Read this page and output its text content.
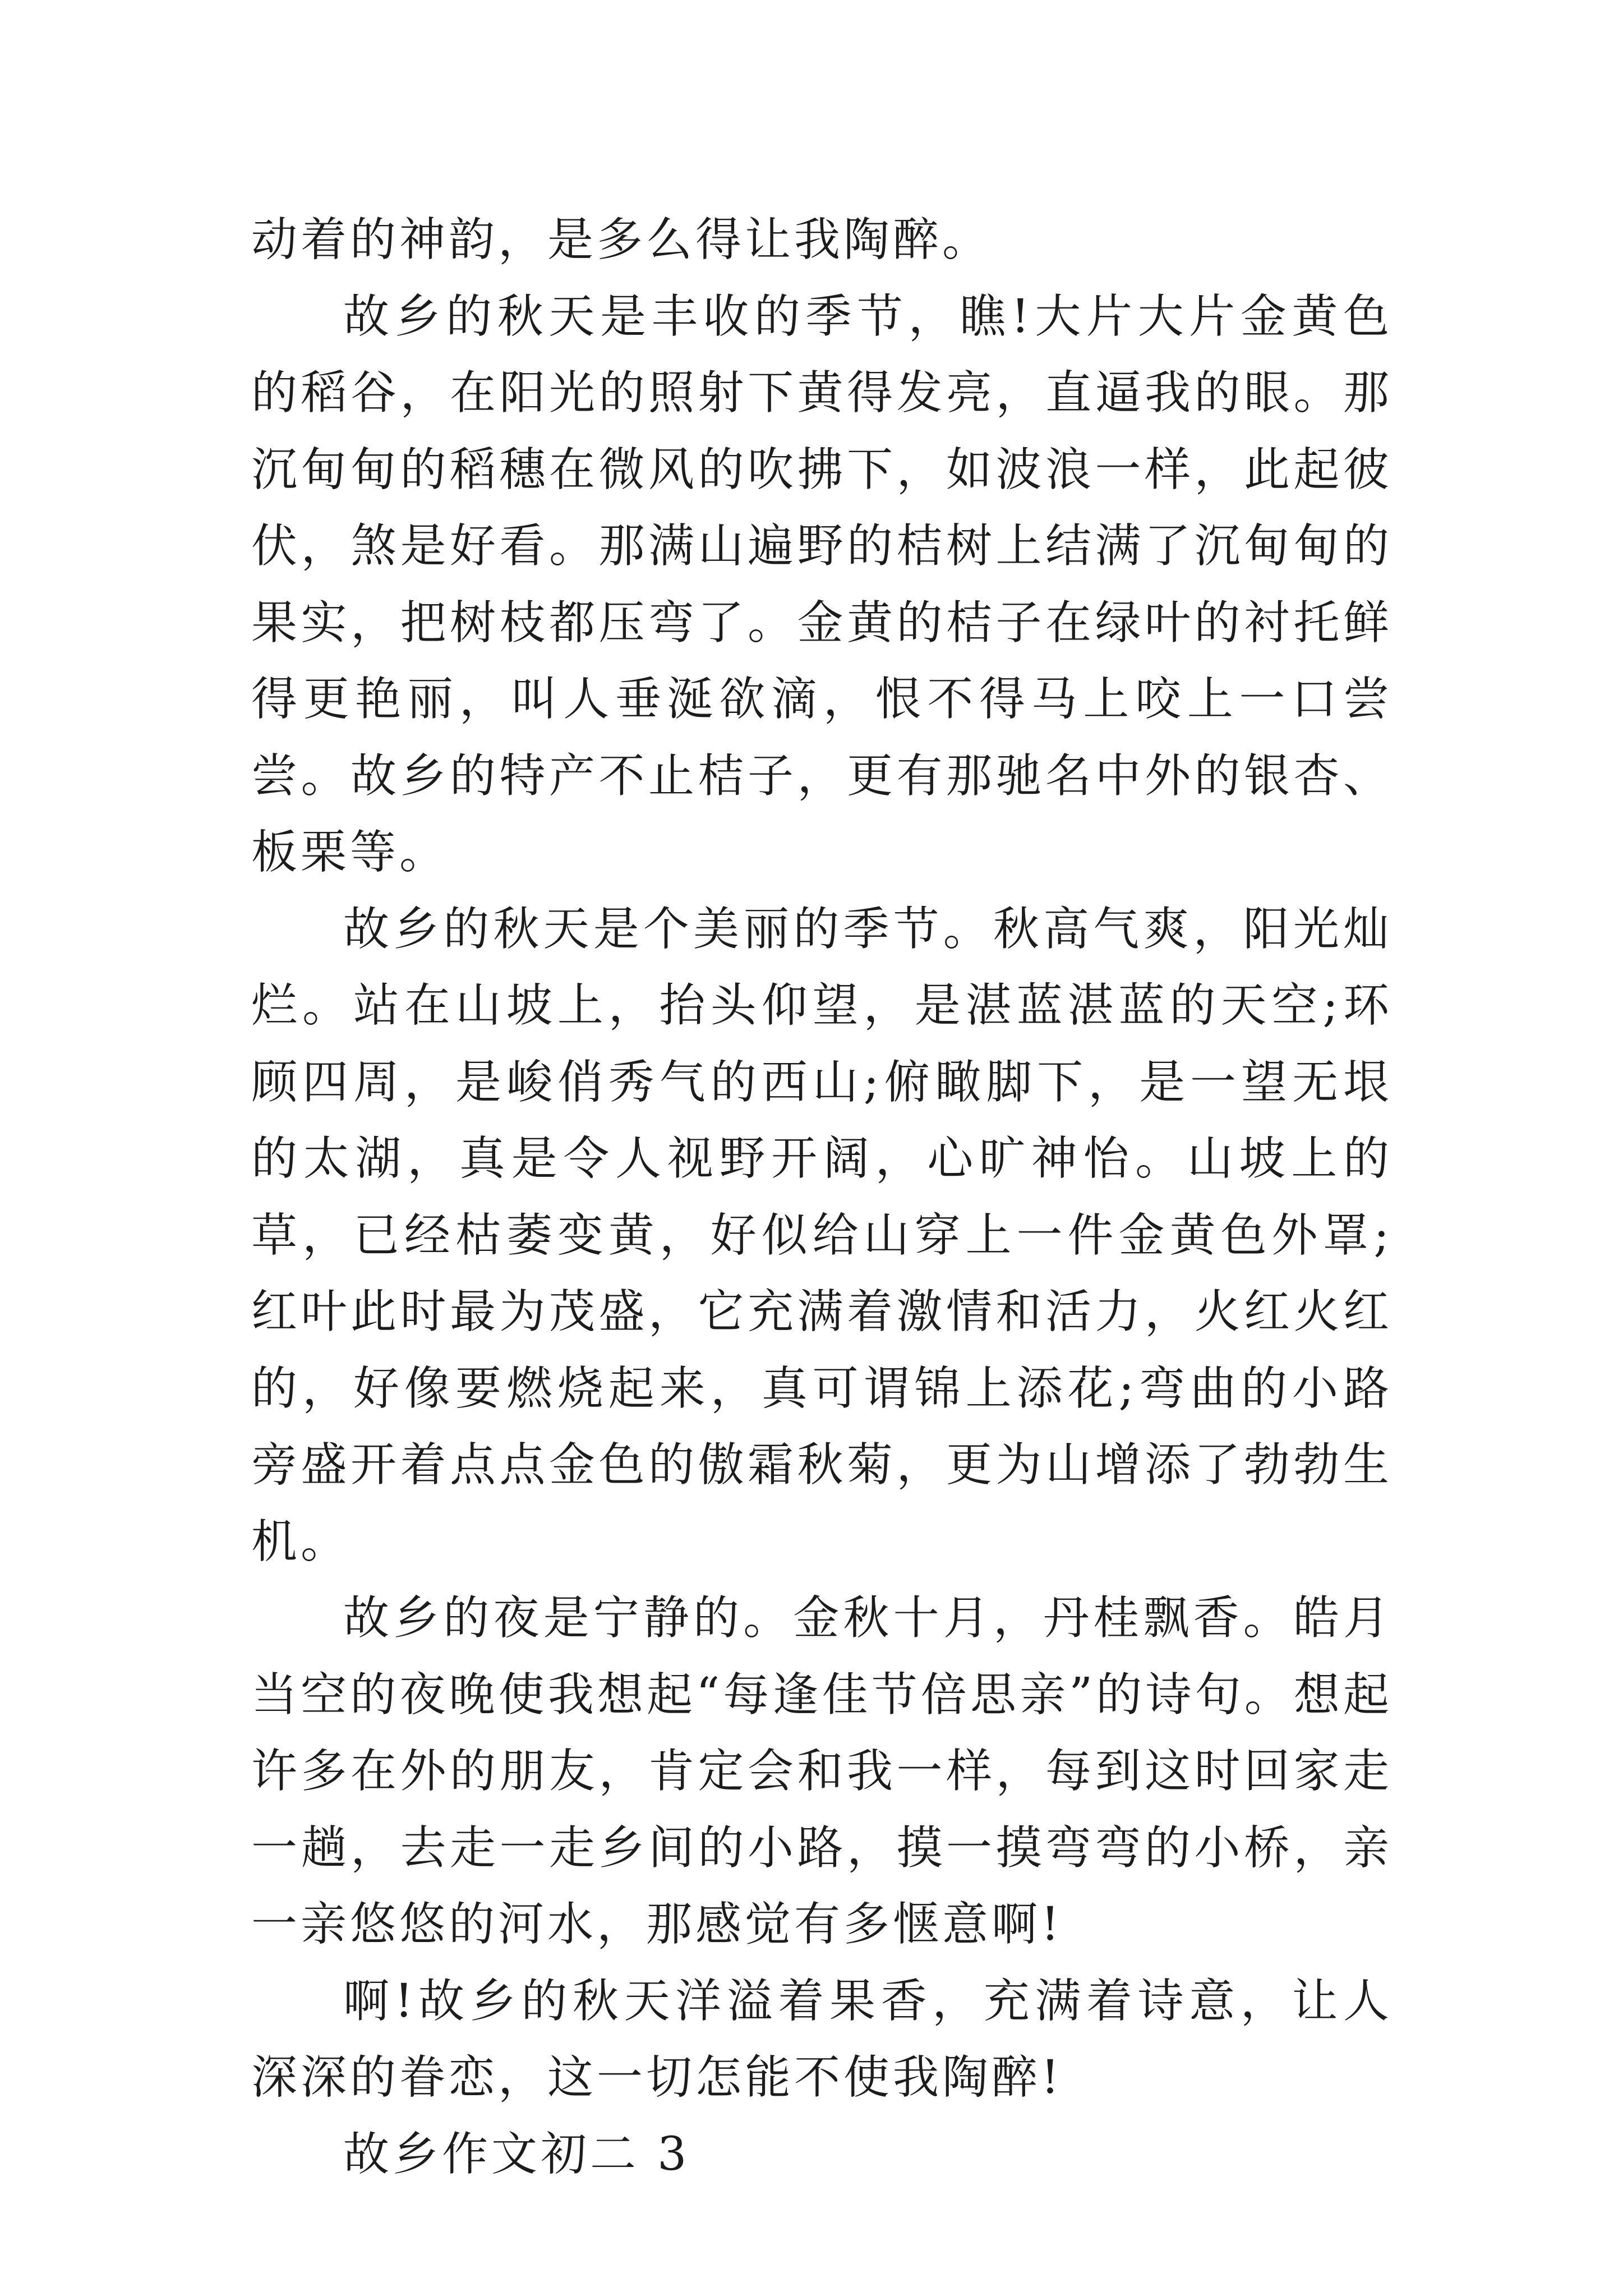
动着的神韵，是多么得让我陶醉。

故乡的秋天是丰收的季节，瞧!大片大片金黄色的稻谷，在阳光的照射下黄得发亮，直逼我的眼。那沉甸甸的稻穗在微风的吹拂下，如波浪一样，此起彼伏，煞是好看。那满山遍野的桔树上结满了沉甸甸的果实，把树枝都压弯了。金黄的桔子在绿叶的衬托鲜得更艳丽，叫人垂涎欲滴，恨不得马上咬上一口尝尝。故乡的特产不止桔子，更有那驰名中外的银杏、板栗等。

故乡的秋天是个美丽的季节。秋高气爽，阳光灿烂。站在山坡上，抬头仰望，是湛蓝湛蓝的天空;环顾四周，是峻俏秀气的西山;俯瞰脚下，是一望无垠的太湖，真是令人视野开阔，心旷神怡。山坡上的草，已经枯萎变黄，好似给山穿上一件金黄色外罩;红叶此时最为茂盛，它充满着激情和活力，火红火红的，好像要燃烧起来，真可谓锦上添花;弯曲的小路旁盛开着点点金色的傲霜秋菊，更为山增添了勃勃生机。

故乡的夜是宁静的。金秋十月，丹桂飘香。皓月当空的夜晚使我想起“每逢佳节倍思亲”的诗句。想起许多在外的朋友，肯定会和我一样，每到这时回家走一趟，去走一走乡间的小路，摸一摸弯弯的小桥，亲一亲悠悠的河水，那感觉有多惬意啊!

啊!故乡的秋天洋溢着果香，充满着诗意，让人深深的眷恋，这一切怎能不使我陶醉!

故乡作文初二 3
